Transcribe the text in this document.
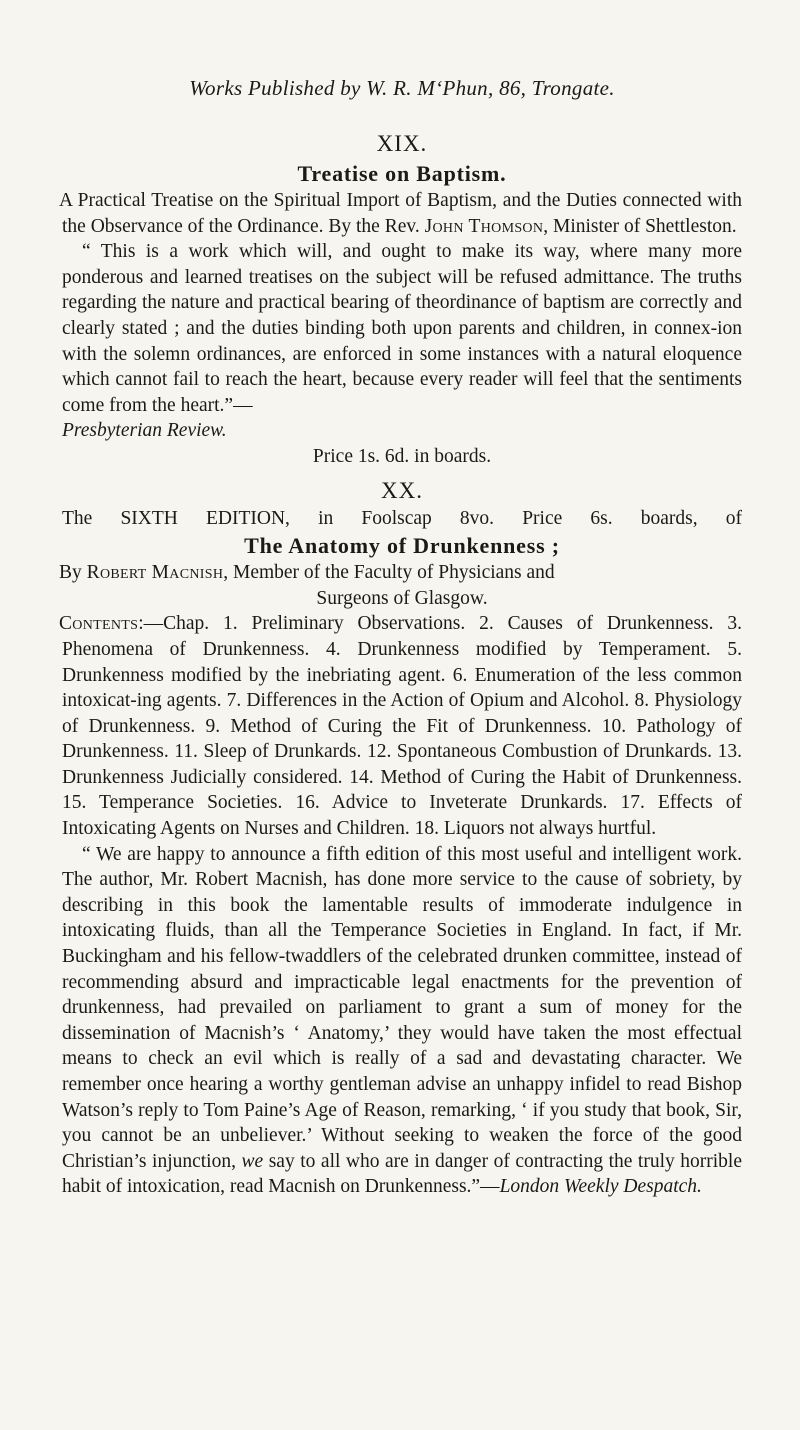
Works Published by W. R. M‘Phun, 86, Trongate.
XIX.
Treatise on Baptism.

A Practical Treatise on the Spiritual Import of Baptism, and the Duties connected with the Observance of the Ordinance. By the Rev. John Thomson, Minister of Shettleston.

“ This is a work which will, and ought to make its way, where many more ponderous and learned treatises on the subject will be refused admittance. The truths regarding the nature and practical bearing of theordinance of baptism are correctly and clearly stated ; and the duties binding both upon parents and children, in connex-ion with the solemn ordinances, are enforced in some instances with a natural eloquence which cannot fail to reach the heart, because every reader will feel that the sentiments come from the heart.”—
Presbyterian Review.

Price 1s. 6d. in boards.

XX.

The SIXTH EDITION, in Foolscap 8vo. Price 6s. boards, of

The Anatomy of Drunkenness ;

By Robert Macnish, Member of the Faculty of Physicians and

Surgeons of Glasgow.

Contents:—Chap. 1. Preliminary Observations. 2. Causes of Drunkenness. 3. Phenomena of Drunkenness. 4. Drunkenness modified by Temperament. 5. Drunkenness modified by the inebriating agent. 6. Enumeration of the less common intoxicat-ing agents. 7. Differences in the Action of Opium and Alcohol. 8. Physiology of Drunkenness. 9. Method of Curing the Fit of Drunkenness. 10. Pathology of Drunkenness. 11. Sleep of Drunkards. 12. Spontaneous Combustion of Drunkards. 13. Drunkenness Judicially considered. 14. Method of Curing the Habit of Drunkenness. 15. Temperance Societies. 16. Advice to Inveterate Drunkards. 17. Effects of Intoxicating Agents on Nurses and Children. 18. Liquors not always hurtful.

“ We are happy to announce a fifth edition of this most useful and intelligent work. The author, Mr. Robert Macnish, has done more service to the cause of sobriety, by describing in this book the lamentable results of immoderate indulgence in intoxicating fluids, than all the Temperance Societies in England. In fact, if Mr. Buckingham and his fellow-twaddlers of the celebrated drunken committee, instead of recommending absurd and impracticable legal enactments for the prevention of drunkenness, had prevailed on parliament to grant a sum of money for the dissemination of Macnish’s ‘ Anatomy,’ they would have taken the most effectual means to check an evil which is really of a sad and devastating character. We remember once hearing a worthy gentleman advise an unhappy infidel to read Bishop Watson’s reply to Tom Paine’s Age of Reason, remarking, ‘ if you study that book, Sir, you cannot be an unbeliever.’ Without seeking to weaken the force of the good Christian’s injunction, we say to all who are in danger of contracting the truly horrible habit of intoxication, read Macnish on Drunkenness.”—London Weekly Despatch.
